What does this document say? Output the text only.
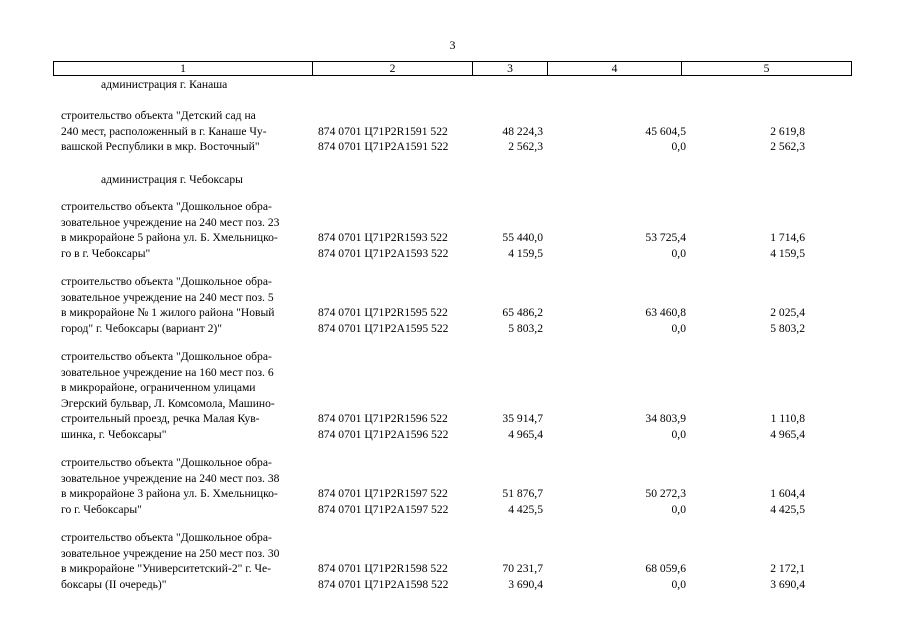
3
1	2	3	4	5
администрация г. Канаша
строительство объекта "Детский сад на
240 мест, расположенный в г. Канаше Чу-
вашской Республики в мкр. Восточный"
874 0701 Ц71Р2R1591 522	48 224,3	45 604,5	2 619,8
874 0701 Ц71Р2А1591 522	2 562,3	0,0	2 562,3
администрация г. Чебоксары
строительство объекта "Дошкольное обра-
зовательное учреждение на 240 мест поз. 23
в микрорайоне 5 района ул. Б. Хмельницко-
го в г. Чебоксары"
874 0701 Ц71Р2R1593 522	55 440,0	53 725,4	1 714,6
874 0701 Ц71Р2А1593 522	4 159,5	0,0	4 159,5
строительство объекта "Дошкольное обра-
зовательное учреждение на 240 мест поз. 5
в микрорайоне № 1 жилого района "Новый
город" г. Чебоксары (вариант 2)"
874 0701 Ц71Р2R1595 522	65 486,2	63 460,8	2 025,4
874 0701 Ц71Р2А1595 522	5 803,2	0,0	5 803,2
строительство объекта "Дошкольное обра-
зовательное учреждение на 160 мест поз. 6
в микрорайоне, ограниченном улицами
Эгерский бульвар, Л. Комсомола, Машино-
строительный проезд, речка Малая Кув-
шинка, г. Чебоксары"
874 0701 Ц71Р2R1596 522	35 914,7	34 803,9	1 110,8
874 0701 Ц71Р2А1596 522	4 965,4	0,0	4 965,4
строительство объекта "Дошкольное обра-
зовательное учреждение на 240 мест поз. 38
в микрорайоне 3 района ул. Б. Хмельницко-
го г. Чебоксары"
874 0701 Ц71Р2R1597 522	51 876,7	50 272,3	1 604,4
874 0701 Ц71Р2А1597 522	4 425,5	0,0	4 425,5
строительство объекта "Дошкольное обра-
зовательное учреждение на 250 мест поз. 30
в микрорайоне "Университетский-2" г. Че-
боксары (II очередь)"
874 0701 Ц71Р2R1598 522	70 231,7	68 059,6	2 172,1
874 0701 Ц71Р2А1598 522	3 690,4	0,0	3 690,4
